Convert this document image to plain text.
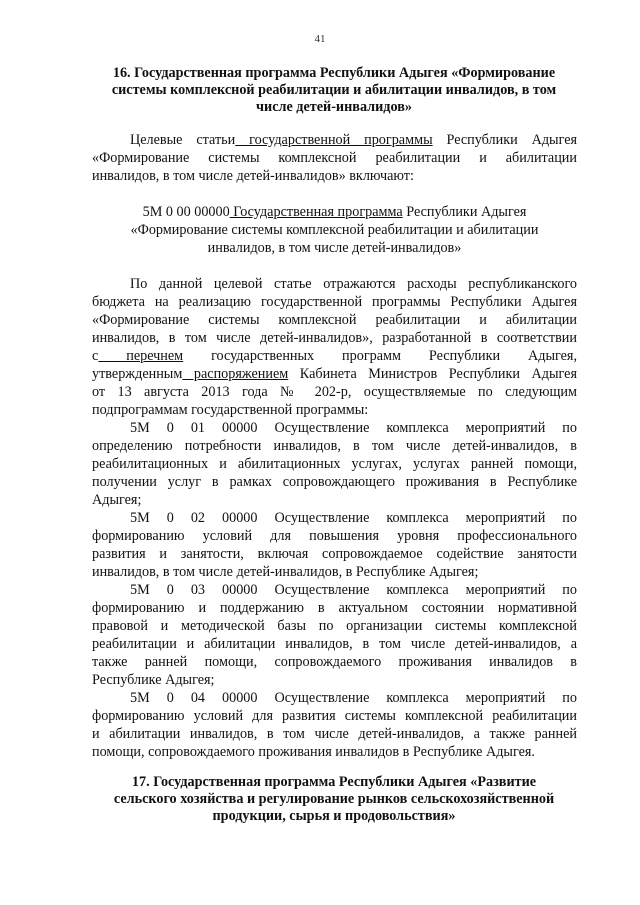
41
16. Государственная программа Республики Адыгея «Формирование
системы комплексной реабилитации и абилитации инвалидов, в том
числе детей-инвалидов»
Целевые статьи государственной программы Республики Адыгея
«Формирование системы комплексной реабилитации и абилитации
инвалидов, в том числе детей-инвалидов» включают:
5М 0 00 00000 Государственная программа Республики Адыгея
«Формирование системы комплексной реабилитации и абилитации
инвалидов, в том числе детей-инвалидов»
По данной целевой статье отражаются расходы республиканского
бюджета на реализацию государственной программы Республики Адыгея
«Формирование системы комплексной реабилитации и абилитации
инвалидов, в том числе детей-инвалидов», разработанной в соответствии
с перечнем государственных программ Республики Адыгея,
утвержденным распоряжением Кабинета Министров Республики Адыгея
от 13 августа 2013 года № 202-р, осуществляемые по следующим
подпрограммам государственной программы:
5М 0 01 00000 Осуществление комплекса мероприятий по
определению потребности инвалидов, в том числе детей-инвалидов, в
реабилитационных и абилитационных услугах, услугах ранней помощи,
получении услуг в рамках сопровождающего проживания в Республике
Адыгея;
5М 0 02 00000 Осуществление комплекса мероприятий по
формированию условий для повышения уровня профессионального
развития и занятости, включая сопровождаемое содействие занятости
инвалидов, в том числе детей-инвалидов, в Республике Адыгея;
5М 0 03 00000 Осуществление комплекса мероприятий по
формированию и поддержанию в актуальном состоянии нормативной
правовой и методической базы по организации системы комплексной
реабилитации и абилитации инвалидов, в том числе детей-инвалидов, а
также ранней помощи, сопровождаемого проживания инвалидов в
Республике Адыгея;
5М 0 04 00000 Осуществление комплекса мероприятий по
формированию условий для развития системы комплексной реабилитации
и абилитации инвалидов, в том числе детей-инвалидов, а также ранней
помощи, сопровождаемого проживания инвалидов в Республике Адыгея.
17. Государственная программа Республики Адыгея «Развитие
сельского хозяйства и регулирование рынков сельскохозяйственной
продукции, сырья и продовольствия»
